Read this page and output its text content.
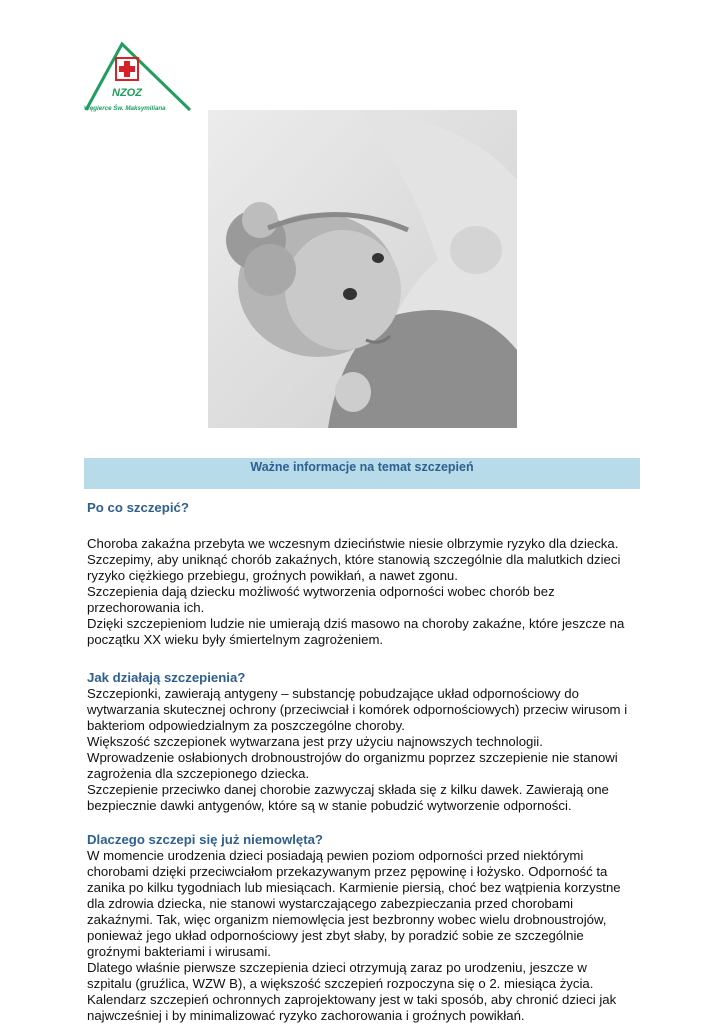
NZOZ
Węgierce Św. Maksymiliana
Ważne informacje na temat szczepień
Po co szczepić?
Choroba zakaźna przebyta we wczesnym dzieciństwie niesie olbrzymie ryzyko dla dziecka.
Szczepimy, aby uniknąć chorób zakaźnych, które stanowią szczególnie dla malutkich dzieci
ryzyko ciężkiego przebiegu, groźnych powikłań, a nawet zgonu.
Szczepienia dają dziecku możliwość wytworzenia odporności wobec chorób bez
przechorowania ich.
Dzięki szczepieniom ludzie nie umierają dziś masowo na choroby zakaźne, które jeszcze na
początku XX wieku były śmiertelnym zagrożeniem.
Jak działają szczepienia?
Szczepionki, zawierają antygeny – substancję pobudzające układ odpornościowy do
wytwarzania skutecznej ochrony (przeciwciał i komórek odpornościowych) przeciw wirusom i
bakteriom odpowiedzialnym za poszczególne choroby.
Większość szczepionek wytwarzana jest przy użyciu najnowszych technologii.
Wprowadzenie osłabionych drobnoustrojów do organizmu poprzez szczepienie nie stanowi
zagrożenia dla szczepionego dziecka.
Szczepienie przeciwko danej chorobie zazwyczaj składa się z kilku dawek. Zawierają one
bezpiecznie dawki antygenów, które są w stanie pobudzić wytworzenie odporności.
Dlaczego szczepi się już niemowlęta?
W momencie urodzenia dzieci posiadają pewien poziom odporności przed niektórymi
chorobami dzięki przeciwciałom przekazywanym przez pępowinę i łożysko. Odporność ta
zanika po kilku tygodniach lub miesiącach. Karmienie piersią, choć bez wątpienia korzystne
dla zdrowia dziecka, nie stanowi wystarczającego zabezpieczania przed chorobami
zakaźnymi. Tak, więc organizm niemowlęcia jest bezbronny wobec wielu drobnoustrojów,
ponieważ jego układ odpornościowy jest zbyt słaby, by poradzić sobie ze szczególnie
groźnymi bakteriami i wirusami.
Dlatego właśnie pierwsze szczepienia dzieci otrzymują zaraz po urodzeniu, jeszcze w
szpitalu (gruźlica, WZW B), a większość szczepień rozpoczyna się o 2. miesiąca życia.
Kalendarz szczepień ochronnych zaprojektowany jest w taki sposób, aby chronić dzieci jak
najwcześniej i by minimalizować ryzyko zachorowania i groźnych powikłań.
